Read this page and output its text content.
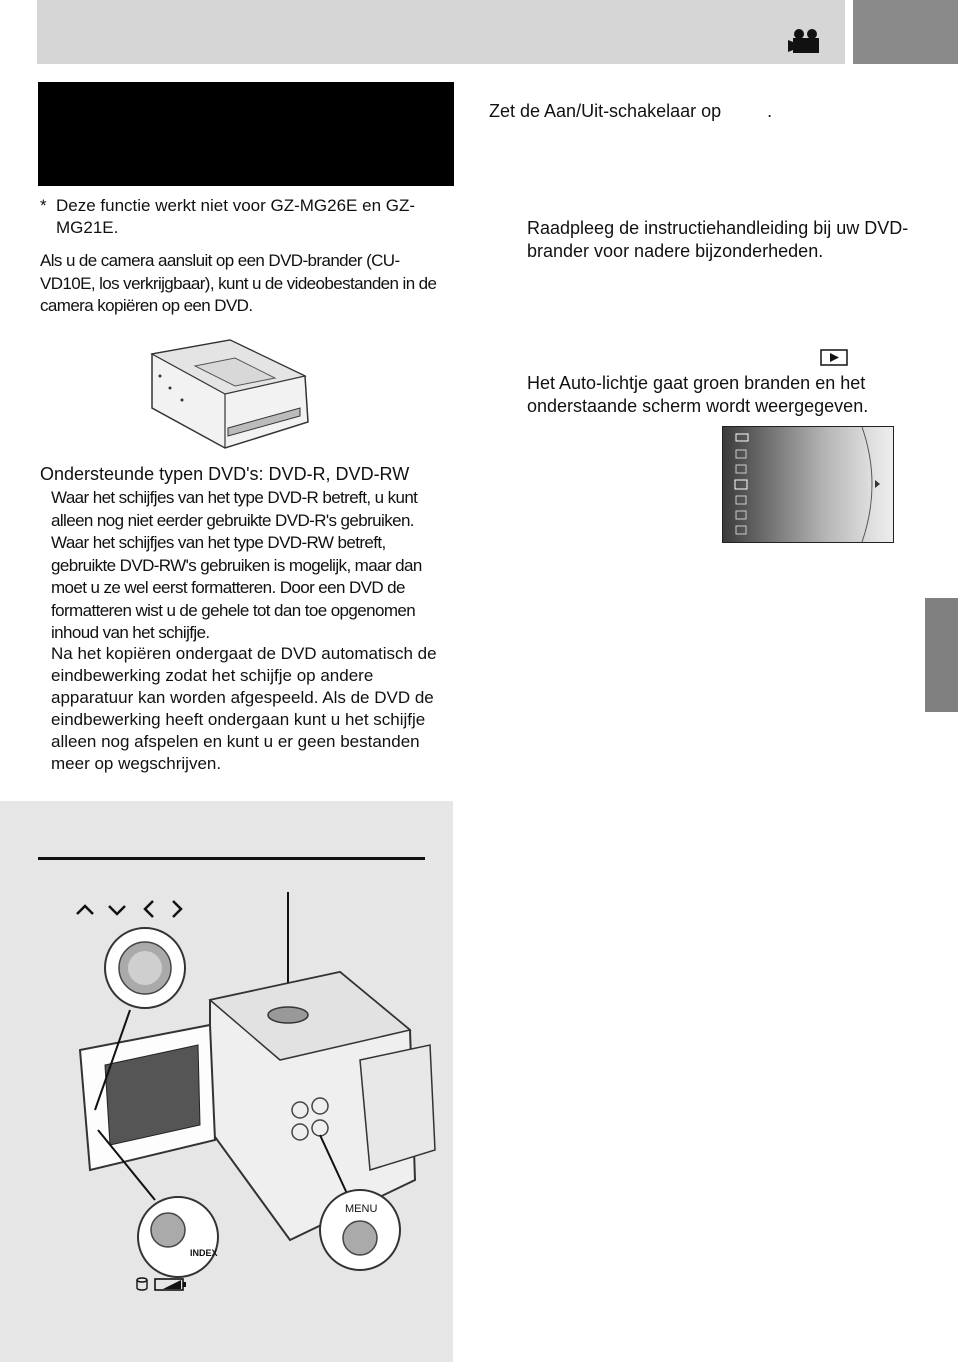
* Deze functie werkt niet voor GZ-MG26E en GZ-MG21E.
Als u de camera aansluit op een DVD-brander (CU-VD10E, los verkrijgbaar), kunt u de videobestanden in de camera kopiëren op een DVD.
Ondersteunde typen DVD's: DVD-R, DVD-RW
Waar het schijfjes van het type DVD-R betreft, u kunt alleen nog niet eerder gebruikte DVD-R's gebruiken. Waar het schijfjes van het type DVD-RW betreft, gebruikte DVD-RW's gebruiken is mogelijk, maar dan moet u ze wel eerst formatteren. Door een DVD de formatteren wist u de gehele tot dan toe opgenomen inhoud van het schijfje.
Na het kopiëren ondergaat de DVD automatisch de eindbewerking zodat het schijfje op andere apparatuur kan worden afgespeeld. Als de DVD de eindbewerking heeft ondergaan kunt u het schijfje alleen nog afspelen en kunt u er geen bestanden meer op wegschrijven.
INDEX
MENU
Zet de Aan/Uit-schakelaar op	.
Raadpleeg de instructiehandleiding bij uw DVD-brander voor nadere bijzonderheden.
Het Auto-lichtje gaat groen branden en het onderstaande scherm wordt weergegeven.
